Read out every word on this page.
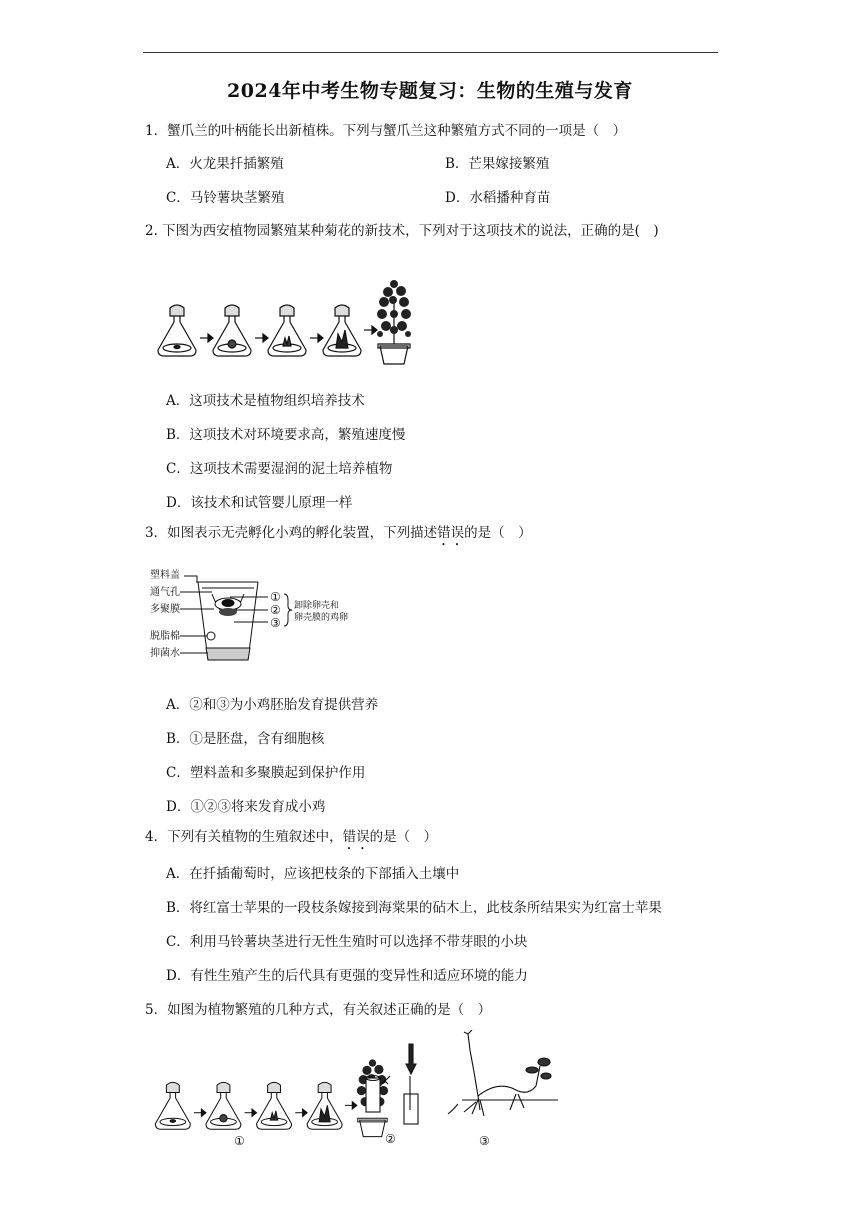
2024年中考生物专题复习：生物的生殖与发育
1．蟹爪兰的叶柄能长出新植株。下列与蟹爪兰这种繁殖方式不同的一项是（　）
A．火龙果扦插繁殖	B．芒果嫁接繁殖
C．马铃薯块茎繁殖	D．水稻播种育苗
2. 下图为西安植物园繁殖某种菊花的新技术，下列对于这项技术的说法，正确的是(　)
A．这项技术是植物组织培养技术
B．这项技术对环境要求高，繁殖速度慢
C．这项技术需要湿润的泥土培养植物
D．该技术和试管婴儿原理一样
3．如图表示无壳孵化小鸡的孵化装置，下列描述错误的是（　）
塑料盖
通气孔
多聚膜
脱脂棉
抑菌水
①
②
③
卸除卵壳和
卵壳膜的鸡卵
A．②和③为小鸡胚胎发育提供营养
B．①是胚盘，含有细胞核
C．塑料盖和多聚膜起到保护作用
D．①②③将来发育成小鸡
4．下列有关植物的生殖叙述中，错误的是（　）
A．在扦插葡萄时，应该把枝条的下部插入土壤中
B．将红富士苹果的一段枝条嫁接到海棠果的砧木上，此枝条所结果实为红富士苹果
C．利用马铃薯块茎进行无性生殖时可以选择不带芽眼的小块
D．有性生殖产生的后代具有更强的变异性和适应环境的能力
5．如图为植物繁殖的几种方式，有关叙述正确的是（　）
①	②	③
